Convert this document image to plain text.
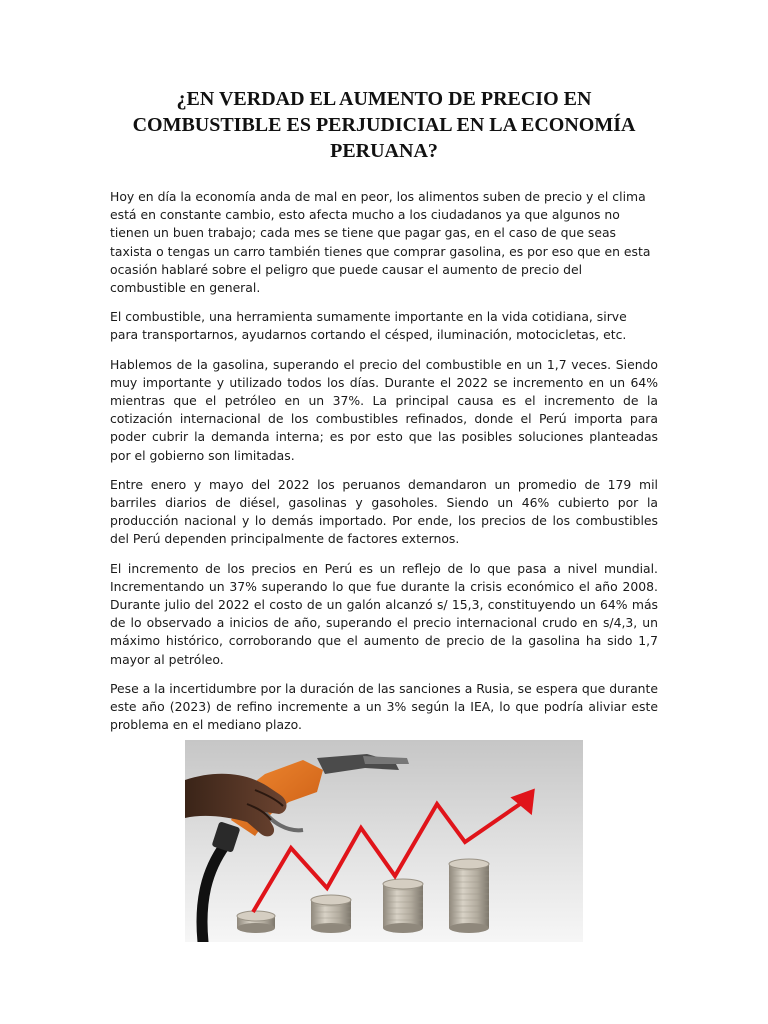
¿EN VERDAD EL AUMENTO DE PRECIO EN COMBUSTIBLE ES PERJUDICIAL EN LA ECONOMÍA PERUANA?

Hoy en día la economía anda de mal en peor, los alimentos suben de precio y el clima está en constante cambio, esto afecta mucho a los ciudadanos ya que algunos no tienen un buen trabajo; cada mes se tiene que pagar gas, en el caso de que seas taxista o tengas un carro también tienes que comprar gasolina, es por eso que en esta ocasión hablaré sobre el peligro que puede causar el aumento de precio del combustible en general.

El combustible, una herramienta sumamente importante en la vida cotidiana, sirve para transportarnos, ayudarnos cortando el césped, iluminación, motocicletas, etc.

Hablemos de la gasolina, superando el precio del combustible en un 1,7 veces. Siendo muy importante y utilizado todos los días. Durante el 2022 se incremento en un 64% mientras que el petróleo en un 37%. La principal causa es el incremento de la cotización internacional de los combustibles refinados, donde el Perú importa para poder cubrir la demanda interna; es por esto que las posibles soluciones planteadas por el gobierno son limitadas.

Entre enero y mayo del 2022 los peruanos demandaron un promedio de 179 mil barriles diarios de diésel, gasolinas y gasoholes. Siendo un 46% cubierto por la producción nacional y lo demás importado. Por ende, los precios de los combustibles del Perú dependen principalmente de factores externos.

El incremento de los precios en Perú es un reflejo de lo que pasa a nivel mundial. Incrementando un 37% superando lo que fue durante la crisis económico el año 2008. Durante julio del 2022 el costo de un galón alcanzó s/ 15,3, constituyendo un 64% más de lo observado a inicios de año, superando el precio internacional crudo en s/4,3, un máximo histórico, corroborando que el aumento de precio de la gasolina ha sido 1,7 mayor al petróleo.

Pese a la incertidumbre por la duración de las sanciones a Rusia, se espera que durante este año (2023) de refino incremente a un 3% según la IEA, lo que podría aliviar este problema en el mediano plazo.
